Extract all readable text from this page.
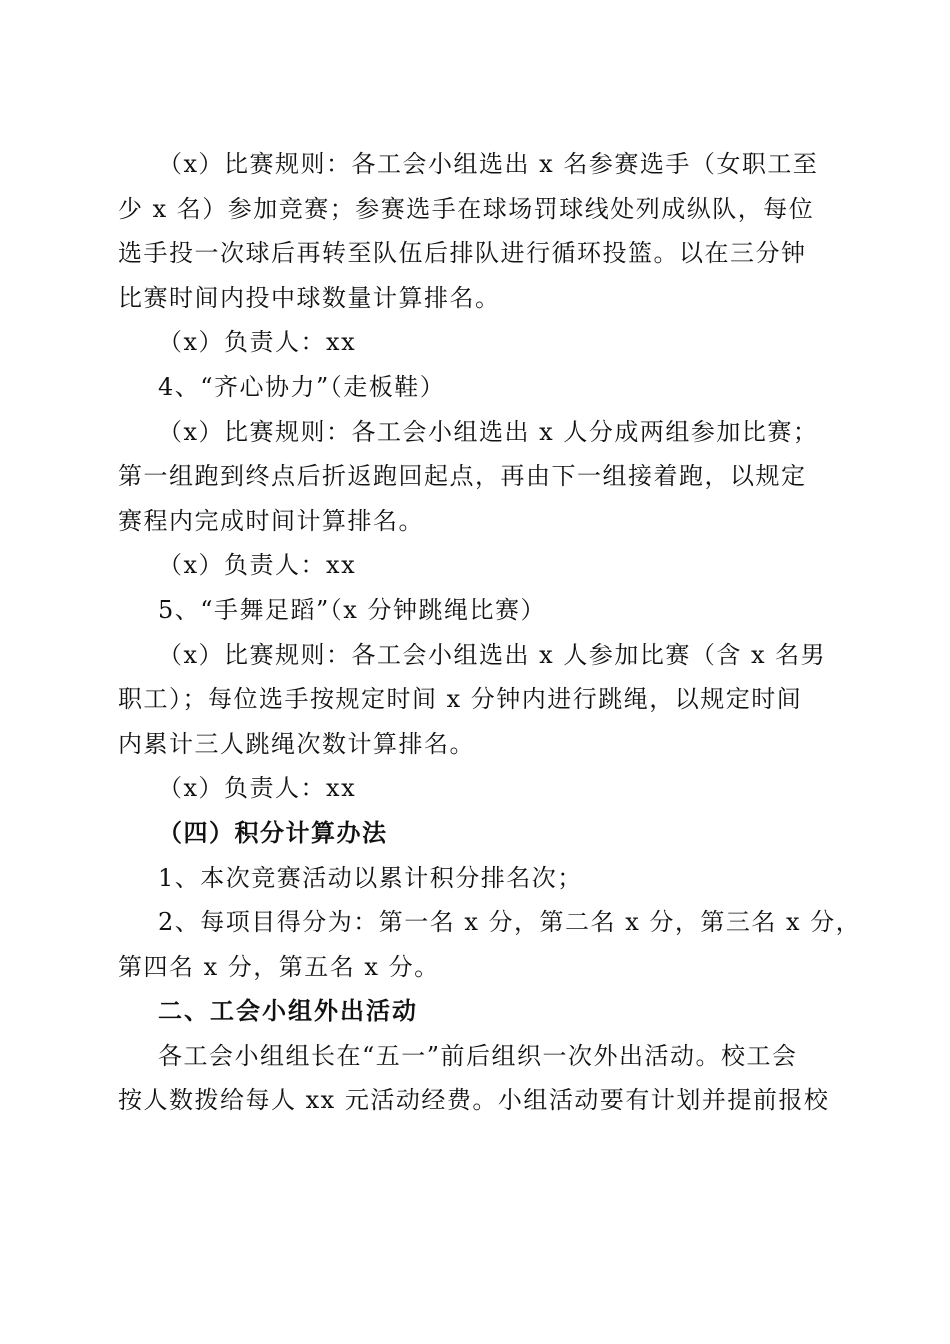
（x）比赛规则：各工会小组选出 x 名参赛选手（女职工至

少 x 名）参加竞赛；参赛选手在球场罚球线处列成纵队，每位

选手投一次球后再转至队伍后排队进行循环投篮。以在三分钟

比赛时间内投中球数量计算排名。

（x）负责人：xx

4、“齐心协力”（走板鞋）

（x）比赛规则：各工会小组选出 x 人分成两组参加比赛；

第一组跑到终点后折返跑回起点，再由下一组接着跑，以规定

赛程内完成时间计算排名。

（x）负责人：xx

5、“手舞足蹈”（x 分钟跳绳比赛）

（x）比赛规则：各工会小组选出 x 人参加比赛（含 x 名男

职工）；每位选手按规定时间 x 分钟内进行跳绳，以规定时间

内累计三人跳绳次数计算排名。

（x）负责人：xx

（四）积分计算办法

1、本次竞赛活动以累计积分排名次；

2、每项目得分为：第一名 x 分，第二名 x 分，第三名 x 分，

第四名 x 分，第五名 x 分。

二、工会小组外出活动

各工会小组组长在“五一”前后组织一次外出活动。校工会

按人数拨给每人 xx 元活动经费。小组活动要有计划并提前报校
